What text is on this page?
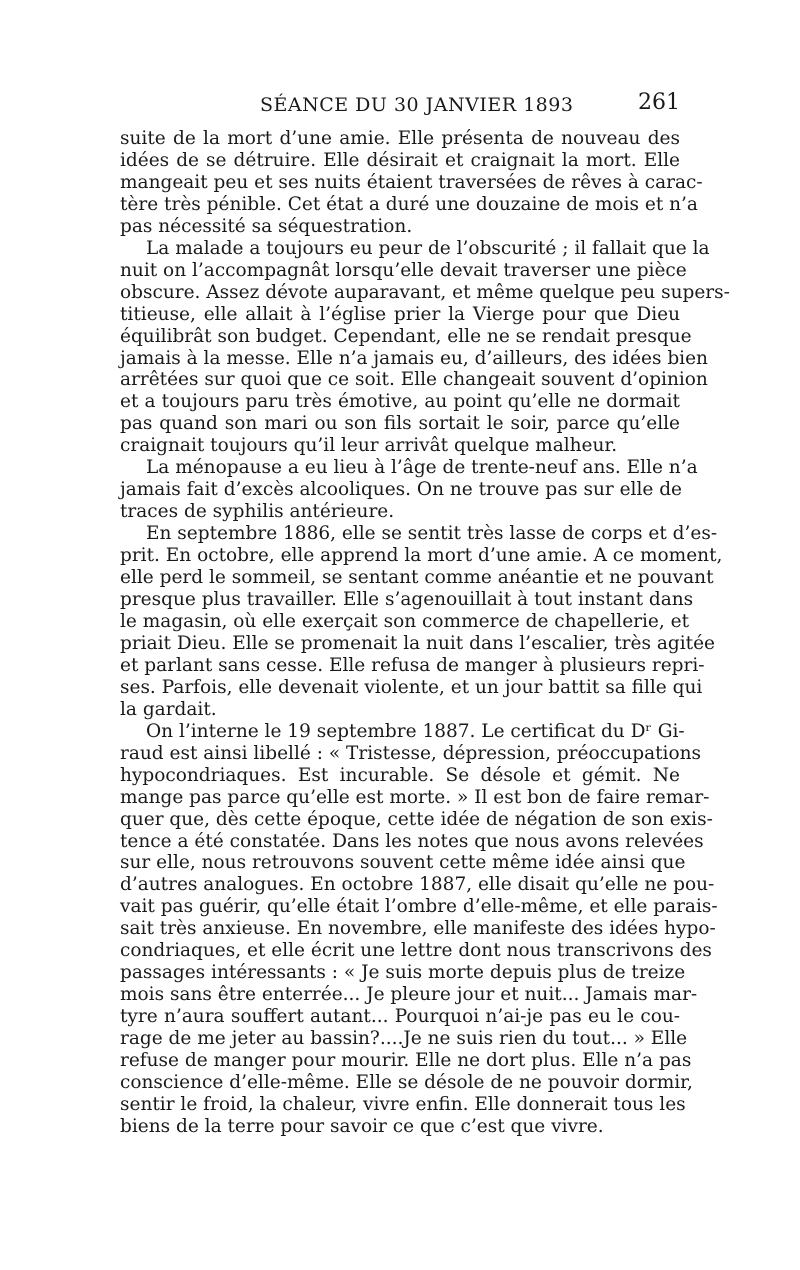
SÉANCE DU 30 JANVIER 1893	261

suite de la mort d’une amie. Elle présenta de nouveau des
idées de se détruire. Elle désirait et craignait la mort. Elle
mangeait peu et ses nuits étaient traversées de rêves à carac-
tère très pénible. Cet état a duré une douzaine de mois et n’a
pas nécessité sa séquestration.

La malade a toujours eu peur de l’obscurité ; il fallait que la
nuit on l’accompagnât lorsqu’elle devait traverser une pièce
obscure. Assez dévote auparavant, et même quelque peu supers-
titieuse, elle allait à l’église prier la Vierge pour que Dieu
équilibrât son budget. Cependant, elle ne se rendait presque
jamais à la messe. Elle n’a jamais eu, d’ailleurs, des idées bien
arrêtées sur quoi que ce soit. Elle changeait souvent d’opinion
et a toujours paru très émotive, au point qu’elle ne dormait
pas quand son mari ou son fils sortait le soir, parce qu’elle
craignait toujours qu’il leur arrivât quelque malheur.

La ménopause a eu lieu à l’âge de trente-neuf ans. Elle n’a
jamais fait d’excès alcooliques. On ne trouve pas sur elle de
traces de syphilis antérieure.

En septembre 1886, elle se sentit très lasse de corps et d’es-
prit. En octobre, elle apprend la mort d’une amie. A ce moment,
elle perd le sommeil, se sentant comme anéantie et ne pouvant
presque plus travailler. Elle s’agenouillait à tout instant dans
le magasin, où elle exerçait son commerce de chapellerie, et
priait Dieu. Elle se promenait la nuit dans l’escalier, très agitée
et parlant sans cesse. Elle refusa de manger à plusieurs repri-
ses. Parfois, elle devenait violente, et un jour battit sa fille qui
la gardait.

On l’interne le 19 septembre 1887. Le certificat du Dʳ Gi-
raud est ainsi libellé : « Tristesse, dépression, préoccupations
hypocondriaques. Est incurable. Se désole et gémit. Ne
mange pas parce qu’elle est morte. » Il est bon de faire remar-
quer que, dès cette époque, cette idée de négation de son exis-
tence a été constatée. Dans les notes que nous avons relevées
sur elle, nous retrouvons souvent cette même idée ainsi que
d’autres analogues. En octobre 1887, elle disait qu’elle ne pou-
vait pas guérir, qu’elle était l’ombre d’elle-même, et elle parais-
sait très anxieuse. En novembre, elle manifeste des idées hypo-
condriaques, et elle écrit une lettre dont nous transcrivons des
passages intéressants : « Je suis morte depuis plus de treize
mois sans être enterrée... Je pleure jour et nuit... Jamais mar-
tyre n’aura souffert autant... Pourquoi n’ai-je pas eu le cou-
rage de me jeter au bassin?....Je ne suis rien du tout... » Elle
refuse de manger pour mourir. Elle ne dort plus. Elle n’a pas
conscience d’elle-même. Elle se désole de ne pouvoir dormir,
sentir le froid, la chaleur, vivre enfin. Elle donnerait tous les
biens de la terre pour savoir ce que c’est que vivre.
